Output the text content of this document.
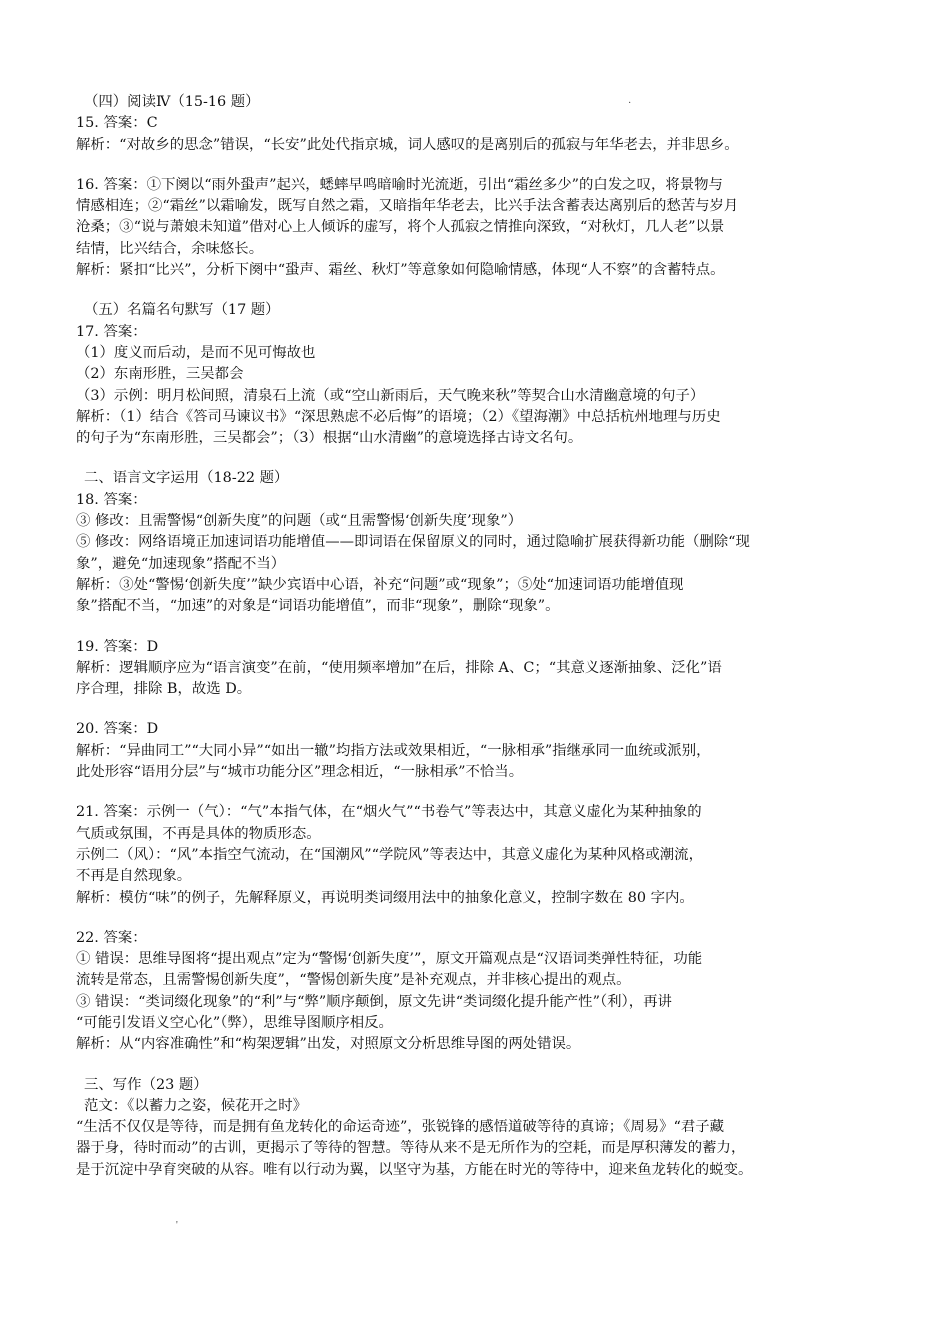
（四）阅读Ⅳ（15-16 题）
15. 答案：C
解析：“对故乡的思念”错误，“长安”此处代指京城，词人感叹的是离别后的孤寂与年华老去，并非思乡。
16. 答案：①下阕以“雨外蛩声”起兴，蟋蟀早鸣暗喻时光流逝，引出“霜丝多少”的白发之叹，将景物与
情感相连；②“霜丝”以霜喻发，既写自然之霜，又暗指年华老去，比兴手法含蓄表达离别后的愁苦与岁月
沧桑；③“说与萧娘未知道”借对心上人倾诉的虚写，将个人孤寂之情推向深致，“对秋灯，几人老”以景
结情，比兴结合，余味悠长。
解析：紧扣“比兴”，分析下阕中“蛩声、霜丝、秋灯”等意象如何隐喻情感，体现“人不察”的含蓄特点。
（五）名篇名句默写（17 题）
17. 答案：
（1）度义而后动，是而不见可悔故也
（2）东南形胜，三吴都会
（3）示例：明月松间照，清泉石上流（或“空山新雨后，天气晚来秋”等契合山水清幽意境的句子）
解析：（1）结合《答司马谏议书》“深思熟虑不必后悔”的语境；（2）《望海潮》中总括杭州地理与历史
的句子为“东南形胜，三吴都会”；（3）根据“山水清幽”的意境选择古诗文名句。
二、语言文字运用（18-22 题）
18. 答案：
③ 修改：且需警惕“创新失度”的问题（或“且需警惕‘创新失度’现象”）
⑤ 修改：网络语境正加速词语功能增值——即词语在保留原义的同时，通过隐喻扩展获得新功能（删除“现
象”，避免“加速现象”搭配不当）
解析：③处“警惕‘创新失度’”缺少宾语中心语，补充“问题”或“现象”；⑤处“加速词语功能增值现
象”搭配不当，“加速”的对象是“词语功能增值”，而非“现象”，删除“现象”。
19. 答案：D
解析：逻辑顺序应为“语言演变”在前，“使用频率增加”在后，排除 A、C；“其意义逐渐抽象、泛化”语
序合理，排除 B，故选 D。
20. 答案：D
解析：“异曲同工”“大同小异”“如出一辙”均指方法或效果相近，“一脉相承”指继承同一血统或派别，
此处形容“语用分层”与“城市功能分区”理念相近，“一脉相承”不恰当。
21. 答案：示例一（气）：“气”本指气体，在“烟火气”“书卷气”等表达中，其意义虚化为某种抽象的
气质或氛围，不再是具体的物质形态。
示例二（风）：“风”本指空气流动，在“国潮风”“学院风”等表达中，其意义虚化为某种风格或潮流，
不再是自然现象。
解析：模仿“味”的例子，先解释原义，再说明类词缀用法中的抽象化意义，控制字数在 80 字内。
22. 答案：
① 错误：思维导图将“提出观点”定为“警惕‘创新失度’”，原文开篇观点是“汉语词类弹性特征，功能
流转是常态，且需警惕创新失度”，“警惕创新失度”是补充观点，并非核心提出的观点。
③ 错误：“类词缀化现象”的“利”与“弊”顺序颠倒，原文先讲“类词缀化提升能产性”（利），再讲
“可能引发语义空心化”（弊），思维导图顺序相反。
解析：从“内容准确性”和“构架逻辑”出发，对照原文分析思维导图的两处错误。
三、写作（23 题）
范文：《以蓄力之姿，候花开之时》
“生活不仅仅是等待，而是拥有鱼龙转化的命运奇迹”，张锐锋的感悟道破等待的真谛；《周易》“君子藏
器于身，待时而动”的古训，更揭示了等待的智慧。等待从来不是无所作为的空耗，而是厚积薄发的蓄力，
是于沉淀中孕育突破的从容。唯有以行动为翼，以坚守为基，方能在时光的等待中，迎来鱼龙转化的蜕变。
·
'
